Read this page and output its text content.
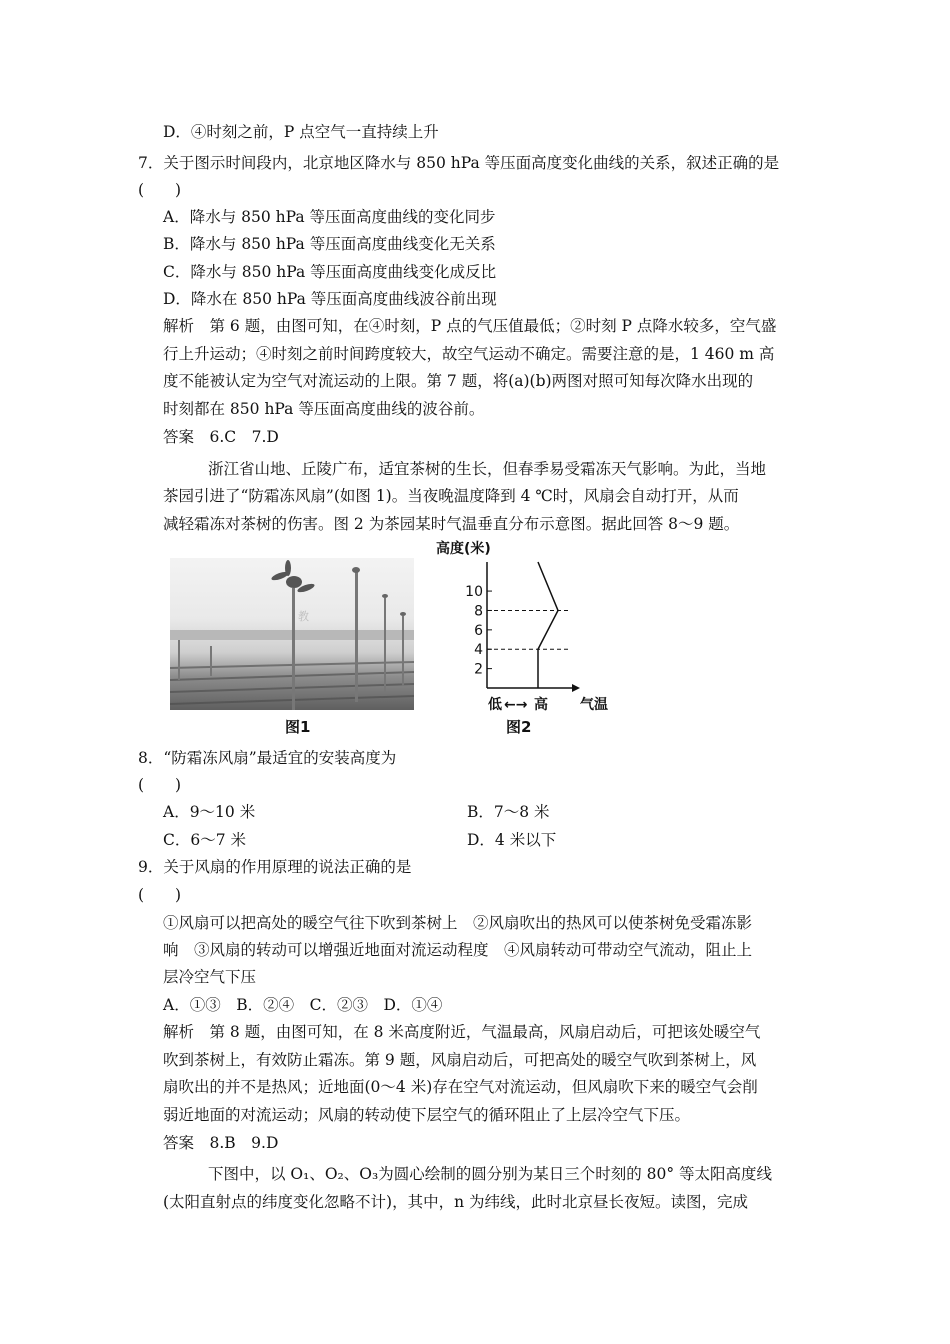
D．④时刻之前，P 点空气一直持续上升
7．关于图示时间段内，北京地区降水与 850 hPa 等压面高度变化曲线的关系，叙述正确的是
(　　)
A．降水与 850 hPa 等压面高度曲线的变化同步
B．降水与 850 hPa 等压面高度曲线变化无关系
C．降水与 850 hPa 等压面高度曲线变化成反比
D．降水在 850 hPa 等压面高度曲线波谷前出现
解析　第 6 题，由图可知，在④时刻，P 点的气压值最低；②时刻 P 点降水较多，空气盛
行上升运动；④时刻之前时间跨度较大，故空气运动不确定。需要注意的是，1 460 m 高
度不能被认定为空气对流运动的上限。第 7 题，将(a)(b)两图对照可知每次降水出现的
时刻都在 850 hPa 等压面高度曲线的波谷前。
答案　6.C　7.D
浙江省山地、丘陵广布，适宜茶树的生长，但春季易受霜冻天气影响。为此，当地
茶园引进了“防霜冻风扇”(如图 1)。当夜晚温度降到 4 ℃时，风扇会自动打开，从而
减轻霜冻对茶树的伤害。图 2 为茶园某时气温垂直分布示意图。据此回答 8～9 题。
教
图1
高度(米)
2
4
6
8
10
低 ←→ 高 气温
图2
8．“防霜冻风扇”最适宜的安装高度为
(　　)
A．9～10 米	B．7～8 米
C．6～7 米	D．4 米以下
9．关于风扇的作用原理的说法正确的是
(　　)
①风扇可以把高处的暖空气往下吹到茶树上　②风扇吹出的热风可以使茶树免受霜冻影
响　③风扇的转动可以增强近地面对流运动程度　④风扇转动可带动空气流动，阻止上
层冷空气下压
A．①③　B．②④　C．②③　D．①④
解析　第 8 题，由图可知，在 8 米高度附近，气温最高，风扇启动后，可把该处暖空气
吹到茶树上，有效防止霜冻。第 9 题，风扇启动后，可把高处的暖空气吹到茶树上，风
扇吹出的并不是热风；近地面(0～4 米)存在空气对流运动，但风扇吹下来的暖空气会削
弱近地面的对流运动；风扇的转动使下层空气的循环阻止了上层冷空气下压。
答案　8.B　9.D
下图中，以 O₁、O₂、O₃为圆心绘制的圆分别为某日三个时刻的 80° 等太阳高度线
(太阳直射点的纬度变化忽略不计)，其中，n 为纬线，此时北京昼长夜短。读图，完成
